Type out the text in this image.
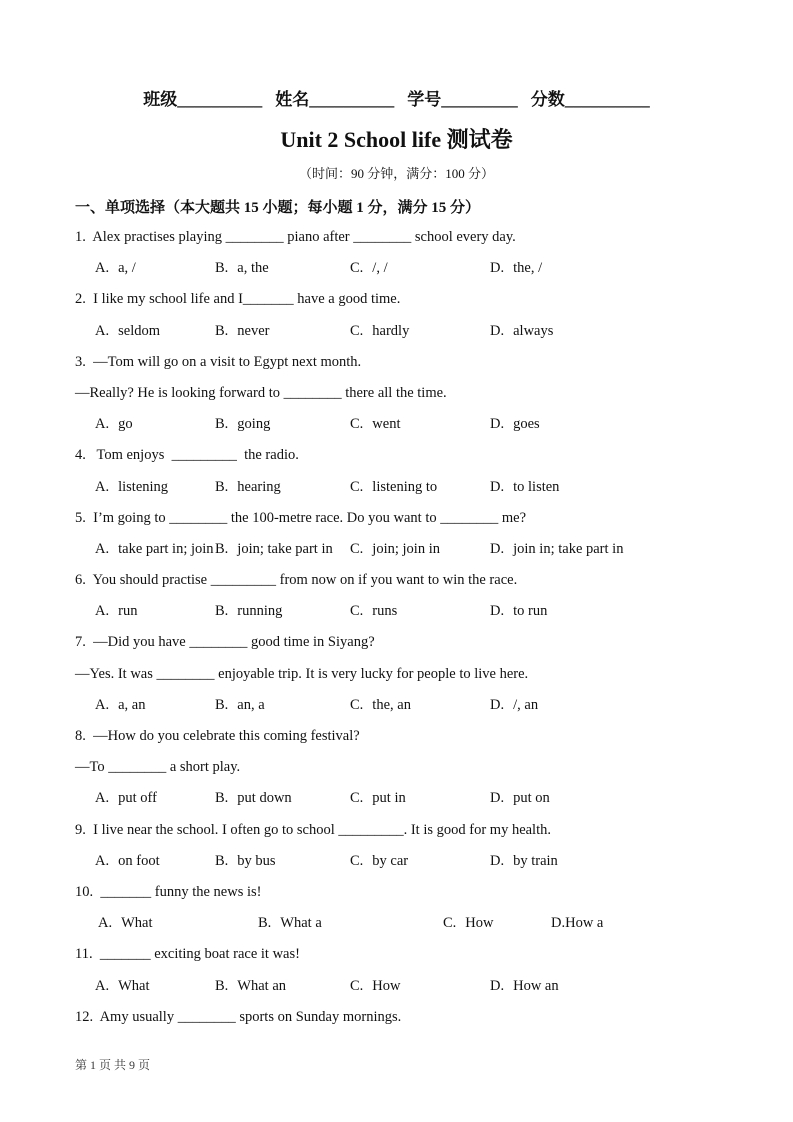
班级__________ 姓名__________ 学号_________ 分数__________
Unit 2 School life 测试卷
（时间：90 分钟，满分：100 分）
一、单项选择（本大题共 15 小题；每小题 1 分，满分 15 分）
1.  Alex practises playing ________ piano after ________ school every day.

A. a, /

	B. a, the

	C. /, /

	D. the, /

2.  I like my school life and I_______ have a good time.

A. seldom

	B. never

	C. hardly

	D. always

3.  —Tom will go on a visit to Egypt next month.
—Really? He is looking forward to ________ there all the time.

A. go

	B. going

	C. went

	D. goes

4.   Tom enjoys  _________  the radio.

A. listening

	B. hearing

	C. listening to

	D. to listen

5.  I’m going to ________ the 100-metre race. Do you want to ________ me?

A. take part in; join

B. join; take part in

C. join; join in

	D. join in; take part in

6.  You should practise _________ from now on if you want to win the race.

A. run

	B. running

	C. runs

	D. to run

7.  —Did you have ________ good time in Siyang?
—Yes. It was ________ enjoyable trip. It is very lucky for people to live here.

A. a, an

	B. an, a

	C. the, an

	D. /, an

8.  —How do you celebrate this coming festival?
—To ________ a short play.

A. put off

	B. put down

	C. put in

	D. put on

9.  I live near the school. I often go to school _________. It is good for my health.

A. on foot

	B. by bus

	C. by car

	D. by train

10.  _______ funny the news is!

A. What

	B. What a

	C. How

	D.How a

11.  _______ exciting boat race it was!

A. What

	B. What an

	C. How

	D. How an

12.  Amy usually ________ sports on Sunday mornings.
第 1 页 共 9 页
